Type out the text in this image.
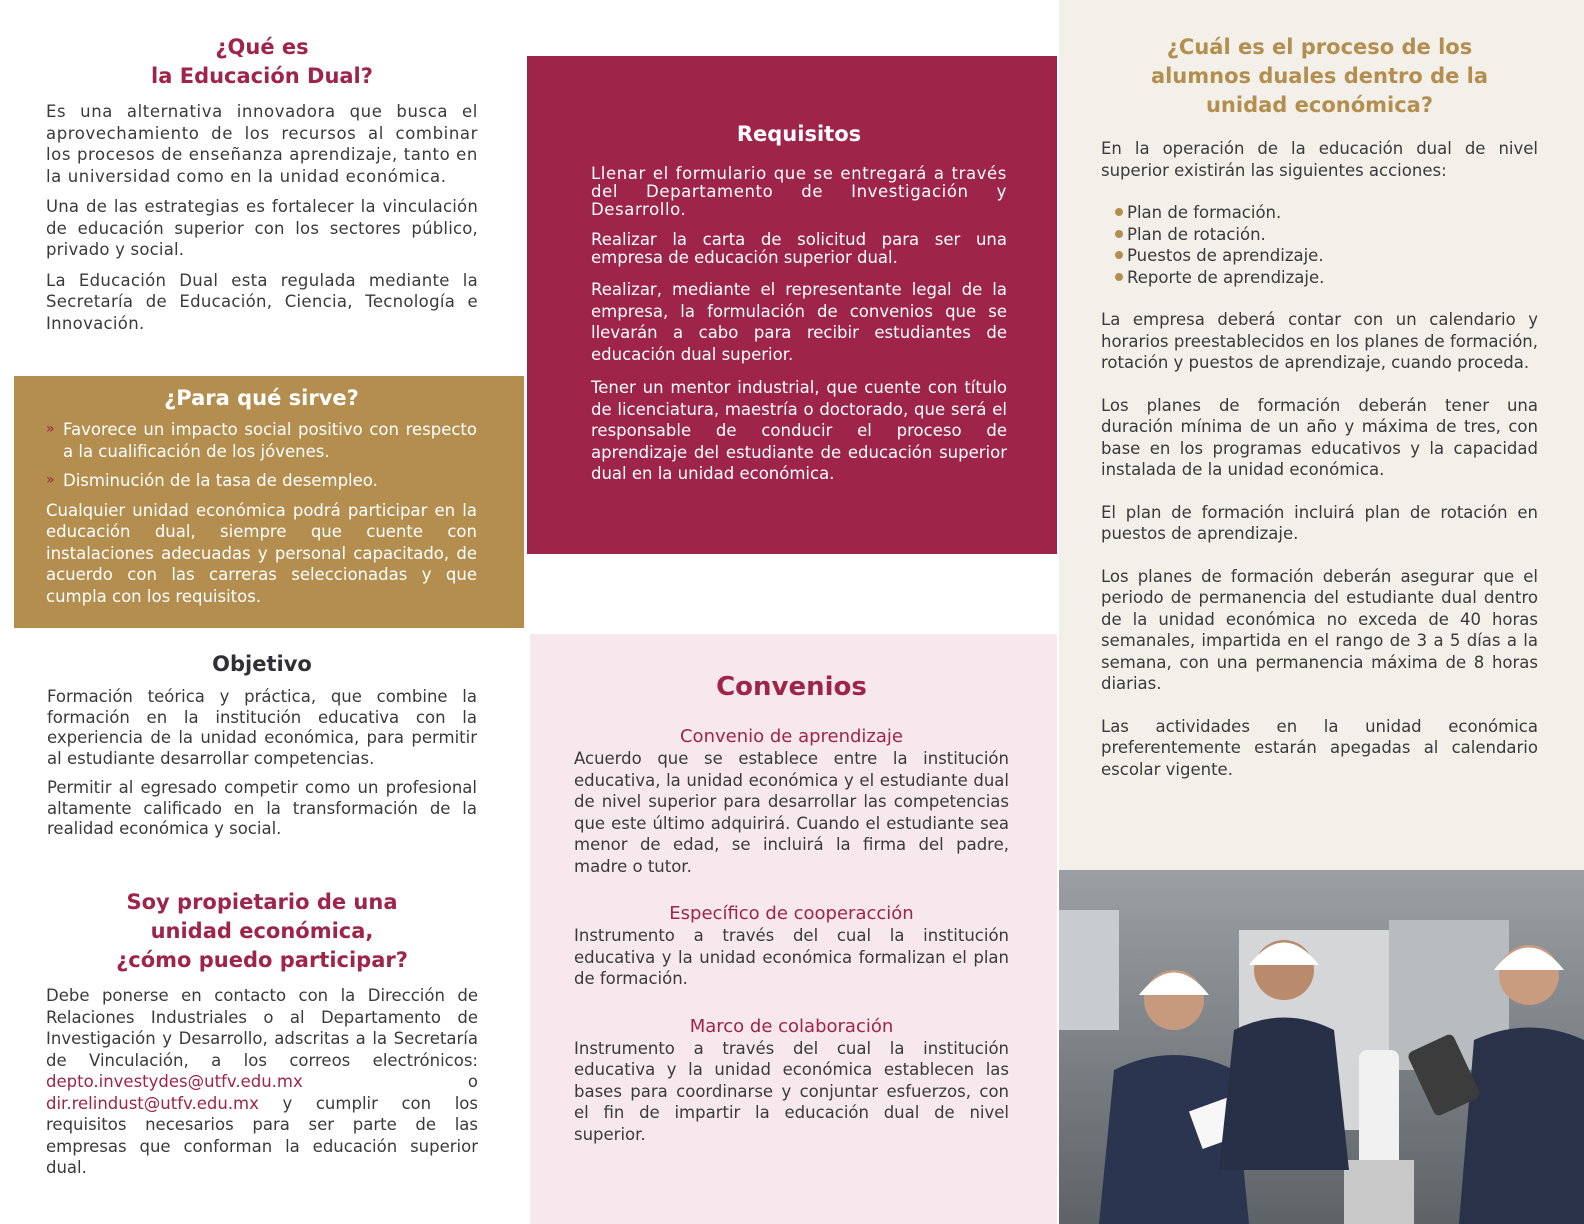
¿Qué es
la Educación Dual?

Es una alternativa innovadora que busca el aprovechamiento de los recursos al combinar los procesos de enseñanza aprendizaje, tanto en la universidad como en la unidad económica.

Una de las estrategias es fortalecer la vinculación de educación superior con los sectores público, privado y social.

La Educación Dual esta regulada mediante la Secretaría de Educación, Ciencia, Tecnología e Innovación.

¿Para qué sirve?
» Favorece un impacto social positivo con respecto a la cualificación de los jóvenes.
» Disminución de la tasa de desempleo.

Cualquier unidad económica podrá participar en la educación dual, siempre que cuente con instalaciones adecuadas y personal capacitado, de acuerdo con las carreras seleccionadas y que cumpla con los requisitos.

Objetivo

Formación teórica y práctica, que combine la formación en la institución educativa con la experiencia de la unidad económica, para permitir al estudiante desarrollar competencias.

Permitir al egresado competir como un profesional altamente calificado en la transformación de la realidad económica y social.

Soy propietario de una
unidad económica,
¿cómo puedo participar?

Debe ponerse en contacto con la Dirección de Relaciones Industriales o al Departamento de Investigación y Desarrollo, adscritas a la Secretaría de Vinculación, a los correos electrónicos: depto.investydes@utfv.edu.mx o dir.relindust@utfv.edu.mx y cumplir con los requisitos necesarios para ser parte de las empresas que conforman la educación superior dual.

Requisitos

Llenar el formulario que se entregará a través del Departamento de Investigación y Desarrollo.

Realizar la carta de solicitud para ser una empresa de educación superior dual.

Realizar, mediante el representante legal de la empresa, la formulación de convenios que se llevarán a cabo para recibir estudiantes de educación dual superior.

Tener un mentor industrial, que cuente con título de licenciatura, maestría o doctorado, que será el responsable de conducir el proceso de aprendizaje del estudiante de educación superior dual en la unidad económica.

Convenios
Convenio de aprendizaje

Acuerdo que se establece entre la institución educativa, la unidad económica y el estudiante dual de nivel superior para desarrollar las competencias que este último adquirirá. Cuando el estudiante sea menor de edad, se incluirá la firma del padre, madre o tutor.

Específico de cooperacción

Instrumento a través del cual la institución educativa y la unidad económica formalizan el plan de formación.

Marco de colaboración

Instrumento a través del cual la institución educativa y la unidad económica establecen las bases para coordinarse y conjuntar esfuerzos, con el fin de impartir la educación dual de nivel superior.

¿Cuál es el proceso de los
alumnos duales dentro de la
unidad económica?

En la operación de la educación dual de nivel superior existirán las siguientes acciones:

Plan de formación.
Plan de rotación.
Puestos de aprendizaje.
Reporte de aprendizaje.

La empresa deberá contar con un calendario y horarios preestablecidos en los planes de formación, rotación y puestos de aprendizaje, cuando proceda.

Los planes de formación deberán tener una duración mínima de un año y máxima de tres, con base en los programas educativos y la capacidad instalada de la unidad económica.

El plan de formación incluirá plan de rotación en puestos de aprendizaje.

Los planes de formación deberán asegurar que el periodo de permanencia del estudiante dual dentro de la unidad económica no exceda de 40 horas semanales, impartida en el rango de 3 a 5 días a la semana, con una permanencia máxima de 8 horas diarias.

Las actividades en la unidad económica preferentemente estarán apegadas al calendario escolar vigente.
